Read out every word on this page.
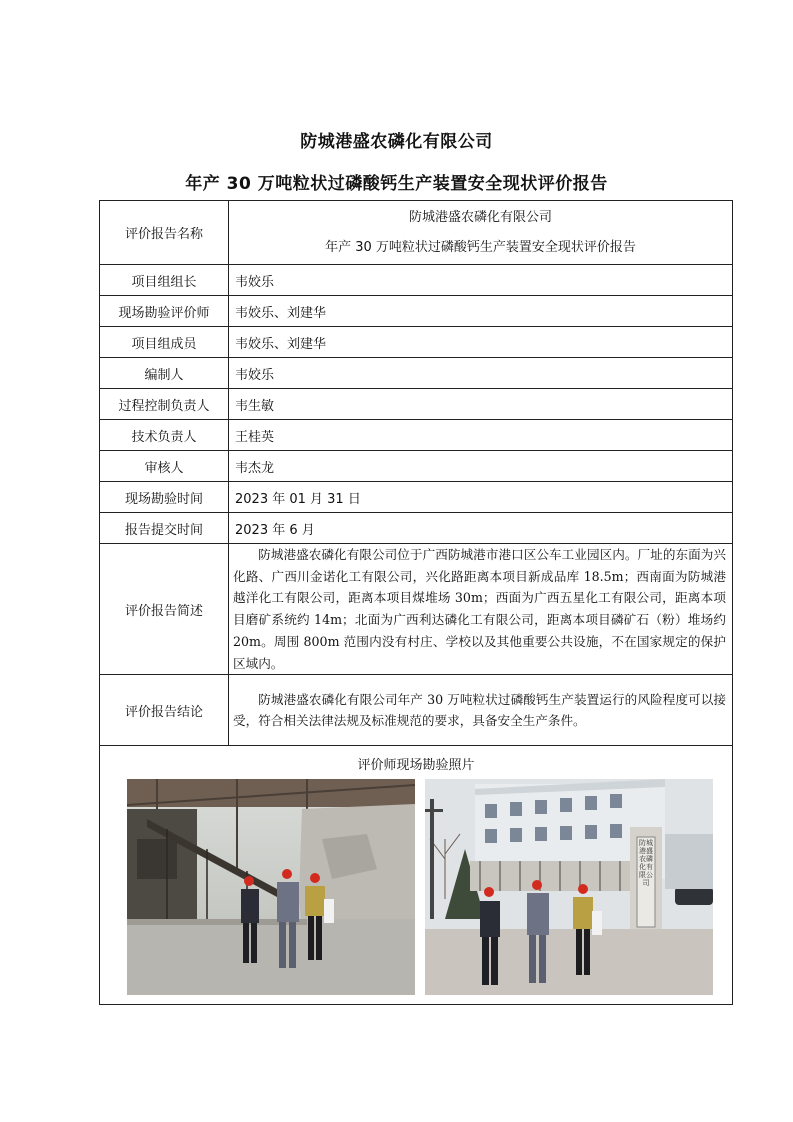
防城港盛农磷化有限公司
年产 30 万吨粒状过磷酸钙生产装置安全现状评价报告
评价报告名称	防城港盛农磷化有限公司
年产 30 万吨粒状过磷酸钙生产装置安全现状评价报告

项目组组长	韦姣乐
现场勘验评价师	韦姣乐、刘建华
项目组成员	韦姣乐、刘建华
编制人	韦姣乐
过程控制负责人	韦生敏
技术负责人	王桂英
审核人	韦杰龙
现场勘验时间	2023 年 01 月 31 日
报告提交时间	2023 年 6 月
评价报告简述	防城港盛农磷化有限公司位于广西防城港市港口区公车工业园区内。厂址的东面为兴化路、广西川金诺化工有限公司，兴化路距离本项目新成品库 18.5m；西南面为防城港越洋化工有限公司，距离本项目煤堆场 30m；西面为广西五星化工有限公司，距离本项目磨矿系统约 14m；北面为广西利达磷化工有限公司，距离本项目磷矿石（粉）堆场约 20m。周围 800m 范围内没有村庄、学校以及其他重要公共设施，不在国家规定的保护区域内。

评价报告结论	防城港盛农磷化有限公司年产 30 万吨粒状过磷酸钙生产装置运行的风险程度可以接受，符合相关法律法规及标准规范的要求，具备安全生产条件。

评价师现场勘验照片
防城港盛农磷化有限公司	
